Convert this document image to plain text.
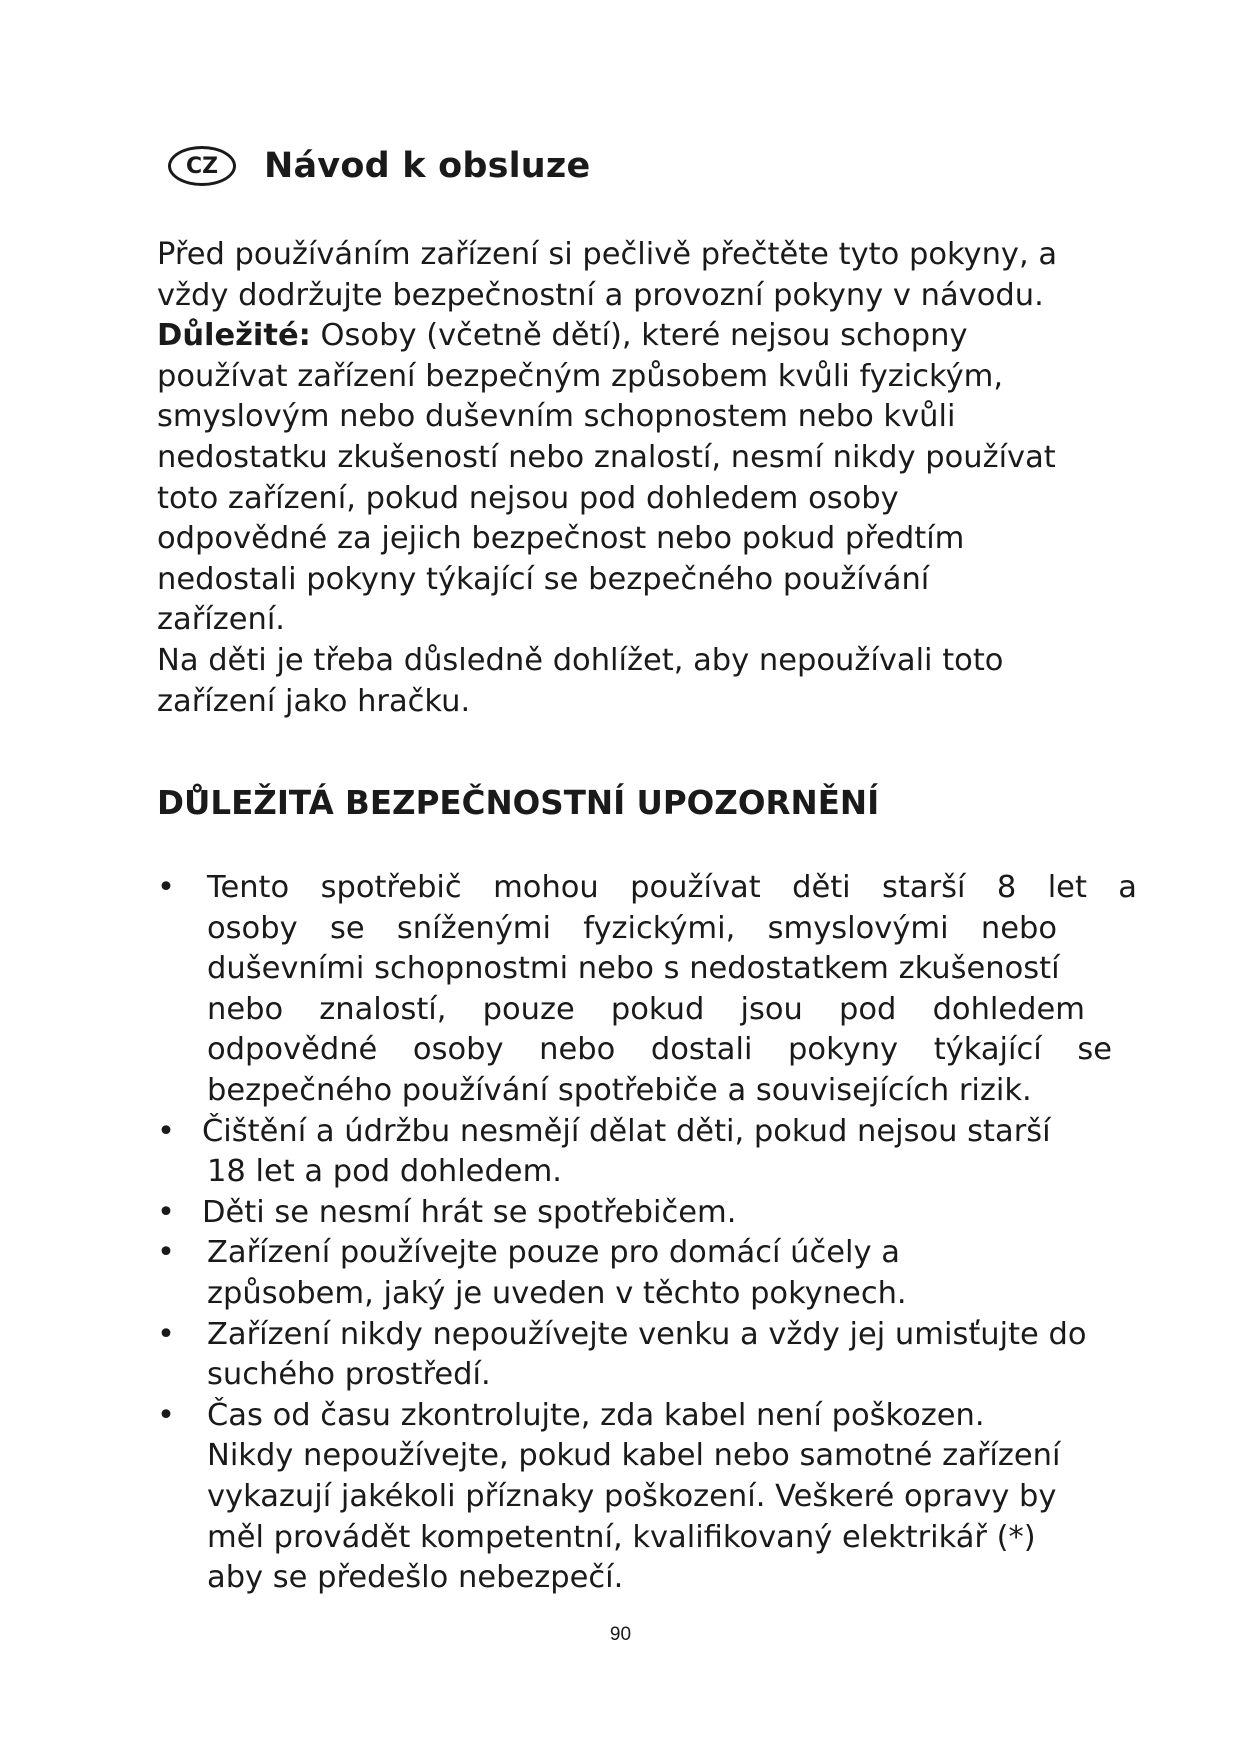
CZ	Návod k obsluze

Před používáním zařízení si pečlivě přečtěte tyto pokyny, a

vždy dodržujte bezpečnostní a provozní pokyny v návodu.

Důležité: Osoby (včetně dětí), které nejsou schopny

používat zařízení bezpečným způsobem kvůli fyzickým,

smyslovým nebo duševním schopnostem nebo kvůli

nedostatku zkušeností nebo znalostí, nesmí nikdy používat

toto zařízení, pokud nejsou pod dohledem osoby

odpovědné za jejich bezpečnost nebo pokud předtím

nedostali pokyny týkající se bezpečného používání

zařízení.

Na děti je třeba důsledně dohlížet, aby nepoužívali toto

zařízení jako hračku.

DŮLEŽITÁ BEZPEČNOSTNÍ UPOZORNĚNÍ
•	Tento spotřebič mohou používat děti starší 8 let a
osoby se sníženými fyzickými, smyslovými nebo
duševními schopnostmi nebo s nedostatkem zkušeností
nebo znalostí, pouze pokud jsou pod dohledem
odpovědné osoby nebo dostali pokyny týkající se
bezpečného používání spotřebiče a souvisejících rizik.
• Čištění a údržbu nesmějí dělat děti, pokud nejsou starší
18 let a pod dohledem.
• Děti se nesmí hrát se spotřebičem.
•	Zařízení používejte pouze pro domácí účely a
způsobem, jaký je uveden v těchto pokynech.
•	Zařízení nikdy nepoužívejte venku a vždy jej umisťujte do
suchého prostředí.
•	Čas od času zkontrolujte, zda kabel není poškozen.
Nikdy nepoužívejte, pokud kabel nebo samotné zařízení
vykazují jakékoli příznaky poškození. Veškeré opravy by
měl provádět kompetentní, kvalifikovaný elektrikář (*)
aby se předešlo nebezpečí.
90
